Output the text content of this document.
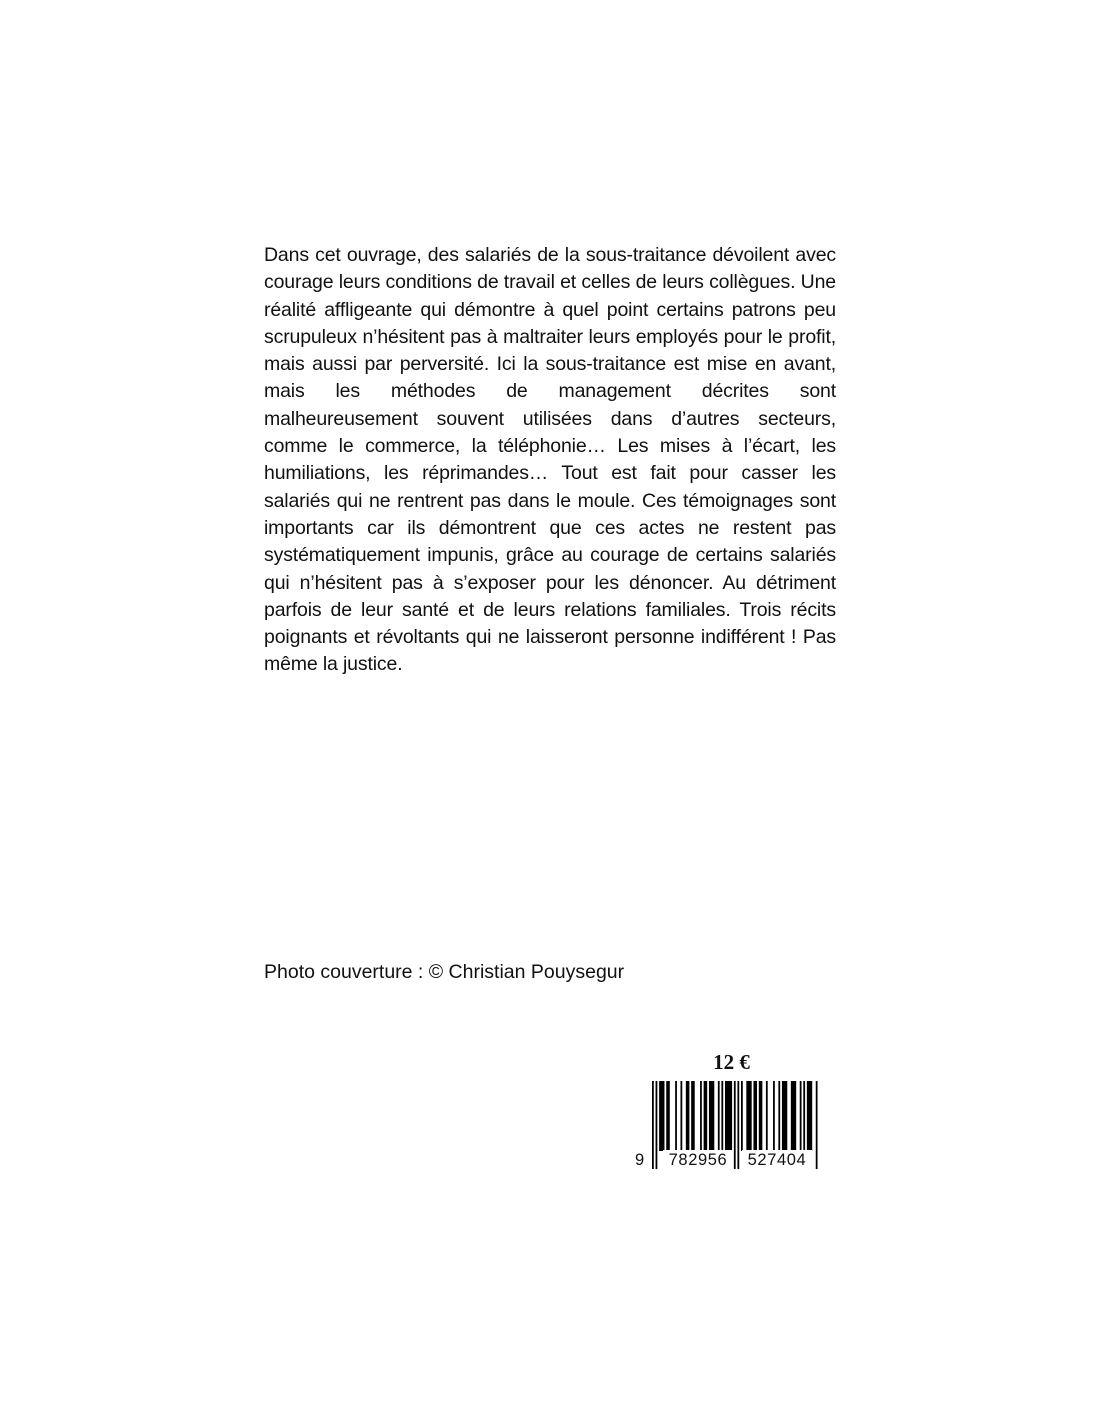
Dans cet ouvrage, des salariés de la sous-traitance dévoilent avec courage leurs conditions de travail et celles de leurs collègues. Une réalité affligeante qui démontre à quel point certains patrons peu scrupuleux n’hésitent pas à maltraiter leurs employés pour le profit, mais aussi par perversité. Ici la sous-traitance est mise en avant, mais les méthodes de management décrites sont malheureusement souvent utilisées dans d’autres secteurs, comme le commerce, la téléphonie… Les mises à l’écart, les humiliations, les réprimandes… Tout est fait pour casser les salariés qui ne rentrent pas dans le moule. Ces témoignages sont importants car ils démontrent que ces actes ne restent pas systématiquement impunis, grâce au courage de certains salariés qui n’hésitent pas à s’exposer pour les dénoncer. Au détriment parfois de leur santé et de leurs relations familiales. Trois récits poignants et révoltants qui ne laisseront personne indifférent ! Pas même la justice.

Photo couverture : © Christian Pouysegur

12 €

9	782956	527404
